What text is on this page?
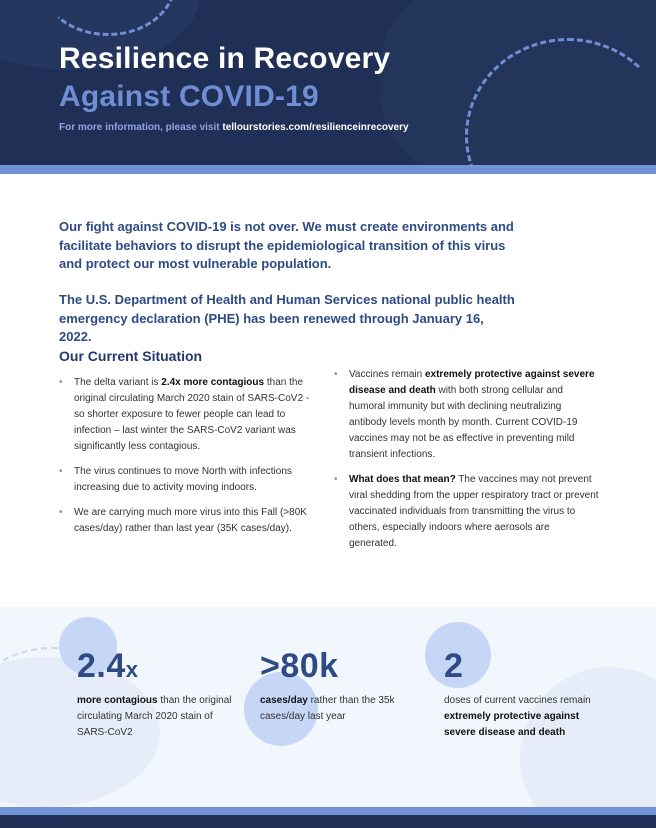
Resilience in Recovery
Against COVID-19
For more information, please visit tellourstories.com/resilienceinrecovery

Our fight against COVID-19 is not over. We must create environments and facilitate behaviors to disrupt the epidemiological transition of this virus and protect our most vulnerable population.

The U.S. Department of Health and Human Services national public health emergency declaration (PHE) has been renewed through January 16, 2022.

Our Current Situation
• The delta variant is 2.4x more contagious than the original circulating March 2020 stain of SARS-CoV2 - so shorter exposure to fewer people can lead to infection – last winter the SARS-CoV2 variant was significantly less contagious.
• The virus continues to move North with infections increasing due to activity moving indoors.
• We are carrying much more virus into this Fall (>80K cases/day) rather than last year (35K cases/day).
• Vaccines remain extremely protective against severe disease and death with both strong cellular and humoral immunity but with declining neutralizing antibody levels month by month. Current COVID-19 vaccines may not be as effective in preventing mild transient infections.
• What does that mean? The vaccines may not prevent viral shedding from the upper respiratory tract or prevent vaccinated individuals from transmitting the virus to others, especially indoors where aerosols are generated.
2.4x
more contagious than the original circulating March 2020 stain of SARS-CoV2
>80k
cases/day rather than the 35k cases/day last year
2
doses of current vaccines remain extremely protective against severe disease and death
